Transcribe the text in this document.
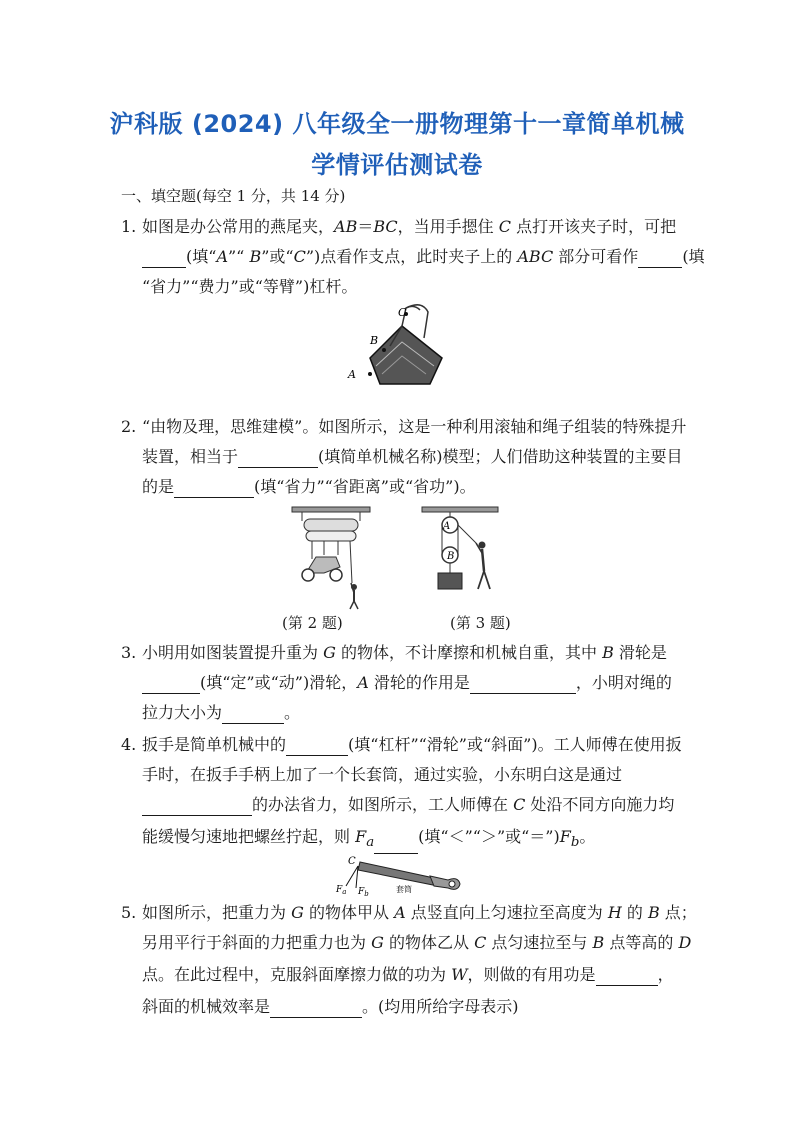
沪科版 (2024) 八年级全一册物理第十一章简单机械
学情评估测试卷
一、填空题(每空 1 分，共 14 分)
1. 如图是办公常用的燕尾夹，AB＝BC，当用手摁住 C 点打开该夹子时，可把
(填“A”“ B”或“C”)点看作支点，此时夹子上的 ABC 部分可看作	(填
“省力”“费力”或“等臂”)杠杆。
C
B
A
2. “由物及理，思维建模”。如图所示，这是一种利用滚轴和绳子组装的特殊提升
装置，相当于	(填简单机械名称)模型；人们借助这种装置的主要目
的是	(填“省力”“省距离”或“省功”)。
A
B
(第 2 题)	(第 3 题)
3. 小明用如图装置提升重为 G 的物体，不计摩擦和机械自重，其中 B 滑轮是
(填“定”或“动”)滑轮，A 滑轮的作用是	，小明对绳的
拉力大小为	。
4. 扳手是简单机械中的	(填“杠杆”“滑轮”或“斜面”)。工人师傅在使用扳
手时，在扳手手柄上加了一个长套筒，通过实验，小东明白这是通过
的办法省力，如图所示，工人师傅在 C 处沿不同方向施力均
能缓慢匀速地把螺丝拧起，则 $F_a$	(填“＜”“＞”或“$=”)F_b$。
C
$F_a$ $F_b$	套筒
5. 如图所示，把重力为 G 的物体甲从 A 点竖直向上匀速拉至高度为 H 的 B 点；
另用平行于斜面的力把重力也为 G 的物体乙从 C 点匀速拉至与 B 点等高的 D
点。在此过程中，克服斜面摩擦力做的功为 W，则做的有用功是	，
斜面的机械效率是	。(均用所给字母表示)
